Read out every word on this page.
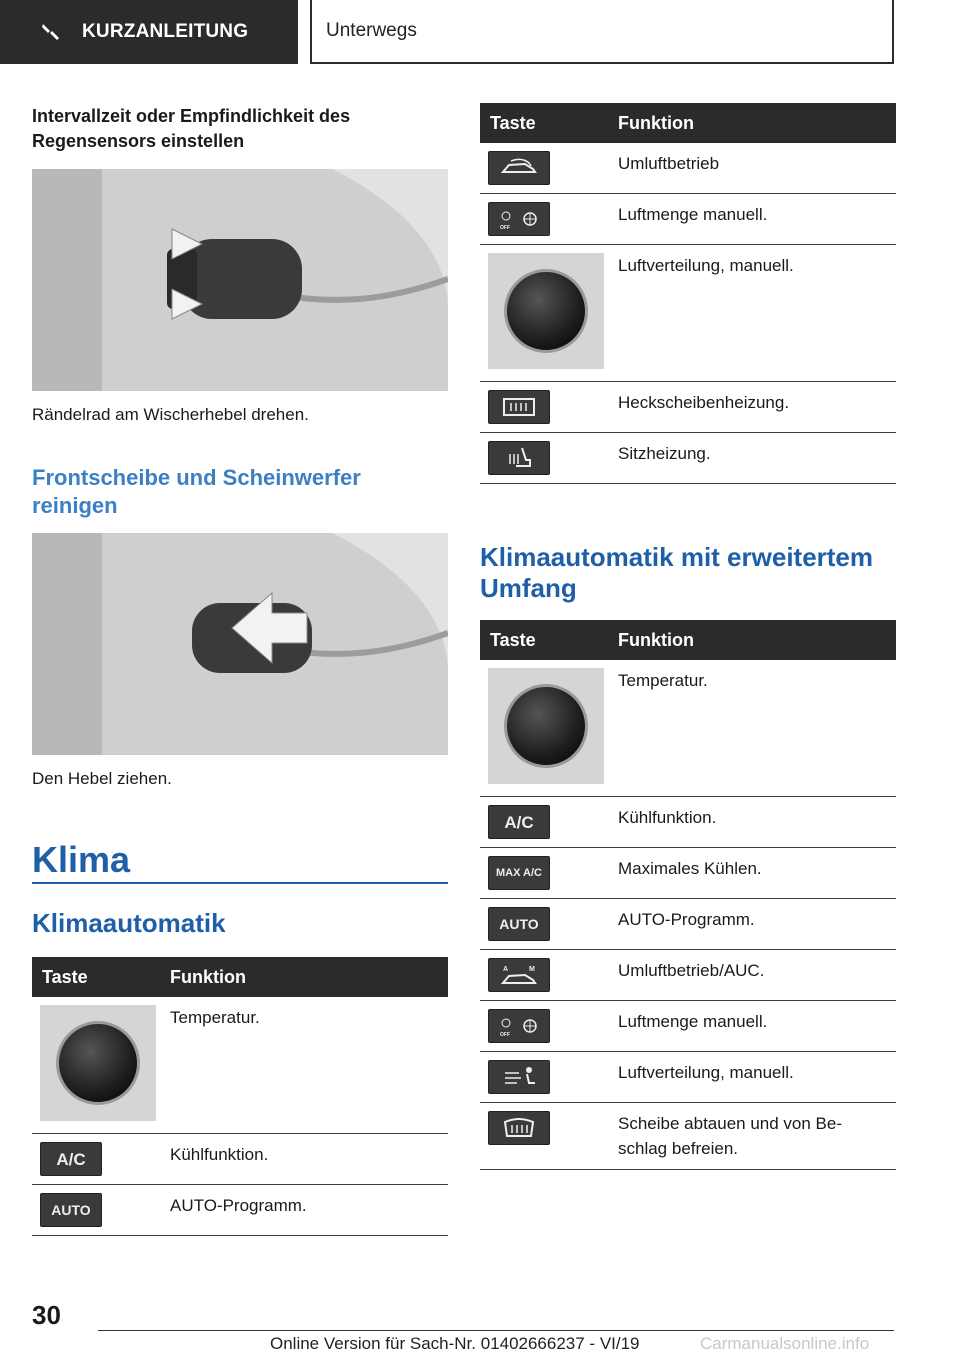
KURZANLEITUNG	Unterwegs
Intervallzeit oder Empfindlichkeit des Regensensors einstellen
Rändelrad am Wischerhebel drehen.
Frontscheibe und Scheinwerfer reinigen
Den Hebel ziehen.
Klima
Klimaautomatik
Taste	Funktion

	Temperatur.

A/C	Kühlfunktion.

AUTO	AUTO-Programm.
Taste	Funktion

	Umluftbetrieb

OFF	Luftmenge manuell.

	Luftverteilung, manuell.

	Heckscheibenheizung.

	Sitzheizung.
Klimaautomatik mit erweitertem Umfang
Taste	Funktion

	Temperatur.

A/C	Kühlfunktion.

MAX A/C	Maximales Kühlen.

AUTO	AUTO-Programm.

A M	Umluftbetrieb/AUC.

OFF	Luftmenge manuell.

	Luftverteilung, manuell.

	Scheibe abtauen und von Be‐schlag befreien.
30
Online Version für Sach-Nr. 01402666237 - VI/19	Carmanualsonline.info
